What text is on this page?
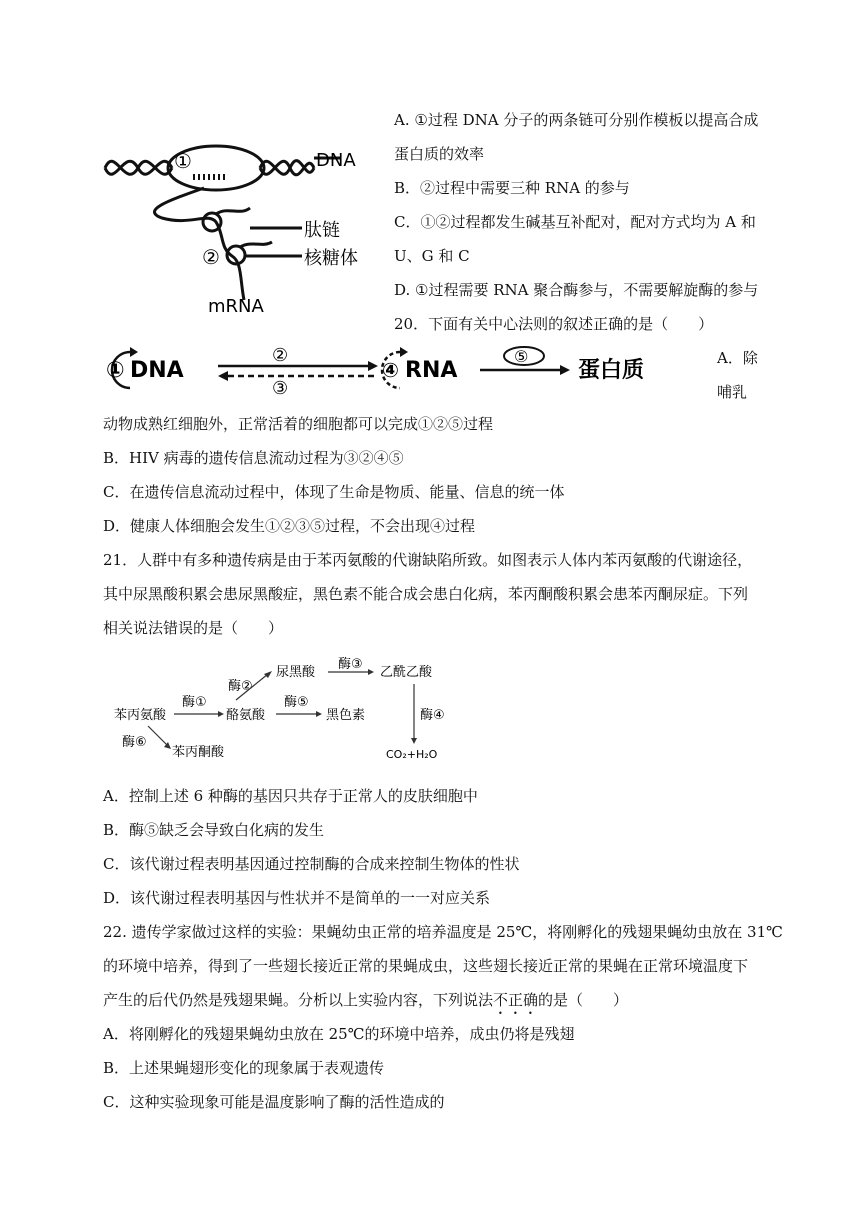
DNA
肽链
核糖体
mRNA
①
②
A. ①过程 DNA 分子的两条链可分别作模板以提高合成
蛋白质的效率
B．②过程中需要三种 RNA 的参与
C．①②过程都发生碱基互补配对，配对方式均为 A 和
U、G 和 C
D. ①过程需要 RNA 聚合酶参与，不需要解旋酶的参与
20．下面有关中心法则的叙述正确的是（　　）
① DNA
②
③
④ RNA
⑤
蛋白质	A．除
哺乳
动物成熟红细胞外，正常活着的细胞都可以完成①②⑤过程
B．HIV 病毒的遗传信息流动过程为③②④⑤
C．在遗传信息流动过程中，体现了生命是物质、能量、信息的统一体
D．健康人体细胞会发生①②③⑤过程，不会出现④过程
21．人群中有多种遗传病是由于苯丙氨酸的代谢缺陷所致。如图表示人体内苯丙氨酸的代谢途径，
其中尿黑酸积累会患尿黑酸症，黑色素不能合成会患白化病，苯丙酮酸积累会患苯丙酮尿症。下列
相关说法错误的是（　　）
苯丙氨酸
酶①
酪氨酸
酶②
尿黑酸
酶③
乙酰乙酸
酶⑤
黑色素
酶⑥
苯丙酮酸
酶④
CO₂+H₂O
A．控制上述 6 种酶的基因只共存于正常人的皮肤细胞中
B．酶⑤缺乏会导致白化病的发生
C．该代谢过程表明基因通过控制酶的合成来控制生物体的性状
D．该代谢过程表明基因与性状并不是简单的一一对应关系
22. 遗传学家做过这样的实验：果蝇幼虫正常的培养温度是 25℃，将刚孵化的残翅果蝇幼虫放在 31℃
的环境中培养，得到了一些翅长接近正常的果蝇成虫，这些翅长接近正常的果蝇在正常环境温度下
产生的后代仍然是残翅果蝇。分析以上实验内容，下列说法不正确的是（　　）
A．将刚孵化的残翅果蝇幼虫放在 25℃的环境中培养，成虫仍将是残翅
B．上述果蝇翅形变化的现象属于表观遗传
C．这种实验现象可能是温度影响了酶的活性造成的
